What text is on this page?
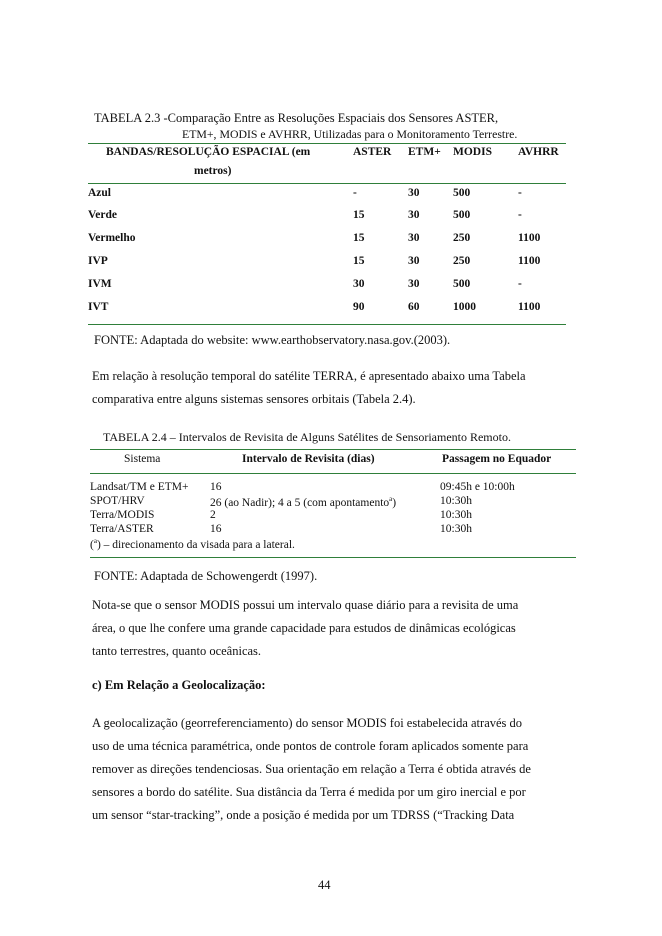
TABELA 2.3 -Comparação Entre as Resoluções Espaciais dos Sensores ASTER,
ETM+, MODIS e AVHRR, Utilizadas para o Monitoramento Terrestre.
BANDAS/RESOLUÇÃO ESPACIAL (em
metros)
ASTER ETM+ MODIS AVHRR
Azul	-	30	500	-
Verde	15	30	500	-
Vermelho	15	30	250	1100
IVP	15	30	250	1100
IVM	30	30	500	-
IVT	90	60	1000	1100
FONTE: Adaptada do website: www.earthobservatory.nasa.gov.(2003).
Em relação à resolução temporal do satélite TERRA, é apresentado abaixo uma Tabela
comparativa entre alguns sistemas sensores orbitais (Tabela 2.4).
TABELA 2.4 – Intervalos de Revisita de Alguns Satélites de Sensoriamento Remoto.
Sistema	Intervalo de Revisita (dias)	Passagem no Equador
Landsat/TM e ETM+ 16	09:45h e 10:00h
SPOT/HRV	26 (ao Nadir); 4 a 5 (com apontamento$^a$)	10:30h
Terra/MODIS	2	10:30h
Terra/ASTER	16	10:30h
($^a$) – direcionamento da visada para a lateral.
FONTE: Adaptada de Schowengerdt (1997).
Nota-se que o sensor MODIS possui um intervalo quase diário para a revisita de uma
área, o que lhe confere uma grande capacidade para estudos de dinâmicas ecológicas
tanto terrestres, quanto oceânicas.
c) Em Relação a Geolocalização:
A geolocalização (georreferenciamento) do sensor MODIS foi estabelecida através do
uso de uma técnica paramétrica, onde pontos de controle foram aplicados somente para
remover as direções tendenciosas. Sua orientação em relação a Terra é obtida através de
sensores a bordo do satélite. Sua distância da Terra é medida por um giro inercial e por
um sensor “star-tracking”, onde a posição é medida por um TDRSS (“Tracking Data
44
